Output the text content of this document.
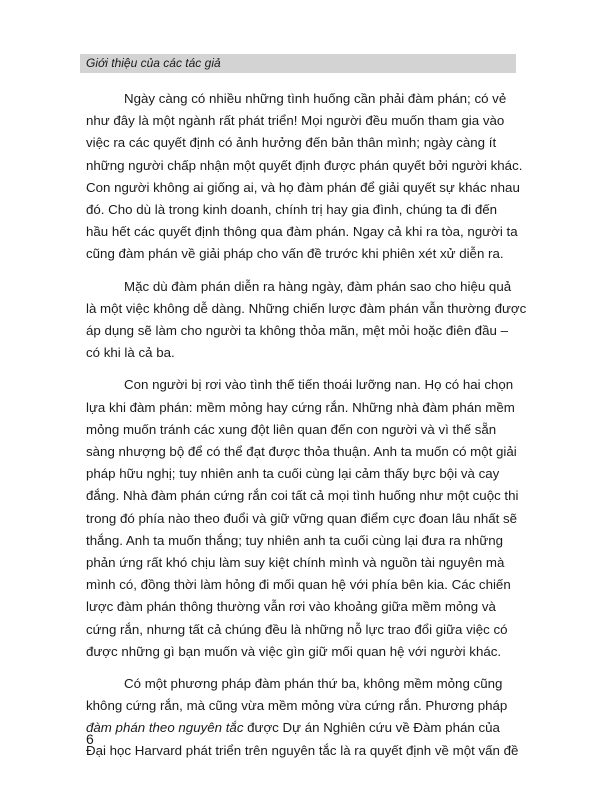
Giới thiệu của các tác giả
Ngày càng có nhiều những tình huống cần phải đàm phán; có vẻ
như đây là một ngành rất phát triển! Mọi người đều muốn tham gia vào
việc ra các quyết định có ảnh hưởng đến bản thân mình; ngày càng ít
những người chấp nhận một quyết định được phán quyết bởi người khác.
Con người không ai giống ai, và họ đàm phán để giải quyết sự khác nhau
đó. Cho dù là trong kinh doanh, chính trị hay gia đình, chúng ta đi đến
hầu hết các quyết định thông qua đàm phán. Ngay cả khi ra tòa, người ta
cũng đàm phán về giải pháp cho vấn đề trước khi phiên xét xử diễn ra.
Mặc dù đàm phán diễn ra hàng ngày, đàm phán sao cho hiệu quả
là một việc không dễ dàng. Những chiến lược đàm phán vẫn thường được
áp dụng sẽ làm cho người ta không thỏa mãn, mệt mỏi hoặc điên đầu –
có khi là cả ba.
Con người bị rơi vào tình thế tiến thoái lưỡng nan. Họ có hai chọn
lựa khi đàm phán: mềm mỏng hay cứng rắn. Những nhà đàm phán mềm
mỏng muốn tránh các xung đột liên quan đến con người và vì thế sẵn
sàng nhượng bộ để có thể đạt được thỏa thuận. Anh ta muốn có một giải
pháp hữu nghị; tuy nhiên anh ta cuối cùng lại cảm thấy bực bội và cay
đắng. Nhà đàm phán cứng rắn coi tất cả mọi tình huống như một cuộc thi
trong đó phía nào theo đuổi và giữ vững quan điểm cực đoan lâu nhất sẽ
thắng. Anh ta muốn thắng; tuy nhiên anh ta cuối cùng lại đưa ra những
phản ứng rất khó chịu làm suy kiệt chính mình và nguồn tài nguyên mà
mình có, đồng thời làm hỏng đi mối quan hệ với phía bên kia. Các chiến
lược đàm phán thông thường vẫn rơi vào khoảng giữa mềm mỏng và
cứng rắn, nhưng tất cả chúng đều là những nỗ lực trao đổi giữa việc có
được những gì bạn muốn và việc gìn giữ mối quan hệ với người khác.
Có một phương pháp đàm phán thứ ba, không mềm mỏng cũng
không cứng rắn, mà cũng vừa mềm mỏng vừa cứng rắn. Phương pháp
đàm phán theo nguyên tắc được Dự án Nghiên cứu về Đàm phán của
Đại học Harvard phát triển trên nguyên tắc là ra quyết định về một vấn đề
6
